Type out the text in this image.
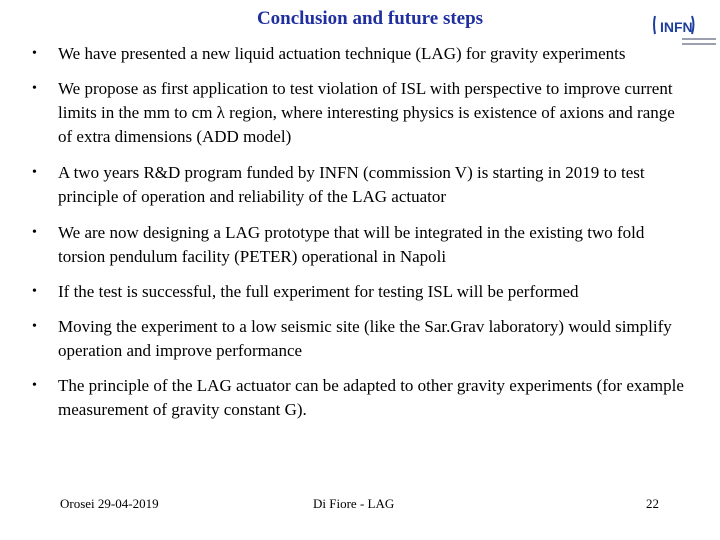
Conclusion and future steps	INFN
• We have presented a new liquid actuation technique (LAG) for gravity experiments
• We propose as first application to test violation of ISL with perspective to improve current limits in the mm to cm λ region, where interesting physics is existence of axions and range of extra dimensions (ADD model)
• A two years R&D program funded by INFN (commission V) is starting in 2019 to test principle of operation and reliability of the LAG actuator
• We are now designing a LAG prototype that will be integrated in the existing two fold torsion pendulum facility (PETER) operational in Napoli
• If the test is successful, the full experiment for testing ISL will be performed
• Moving the experiment to a low seismic site (like the Sar.Grav laboratory) would simplify operation and improve performance
• The principle of the LAG actuator can be adapted to other gravity experiments (for example measurement of gravity constant G).
Orosei 29-04-2019	Di Fiore - LAG	22
